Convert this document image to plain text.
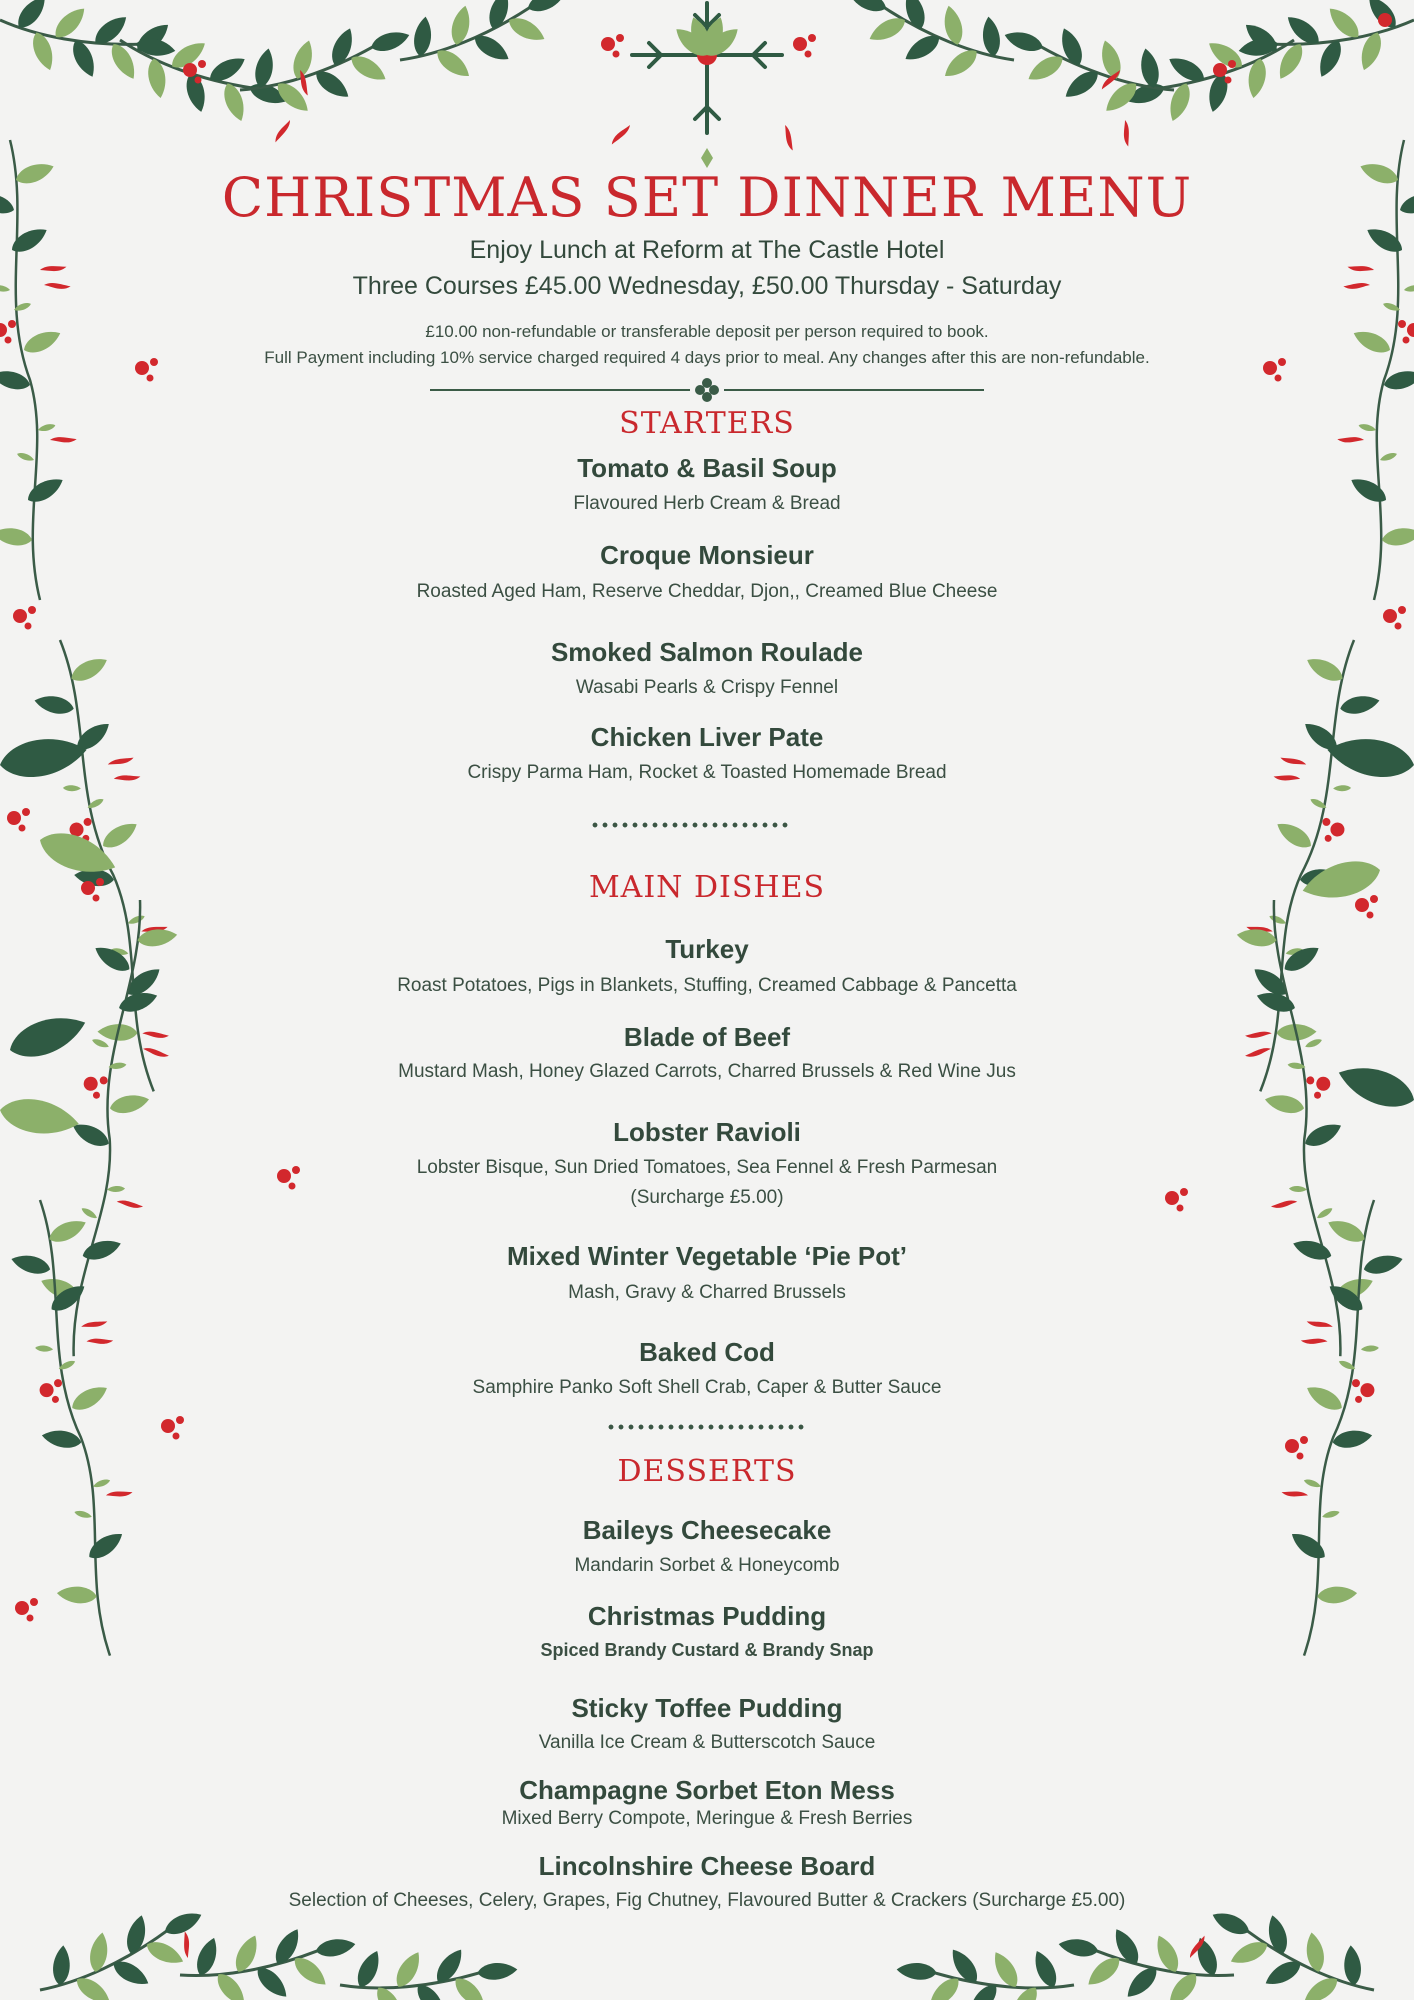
CHRISTMAS SET DINNER MENU

Enjoy Lunch at Reform at The Castle Hotel

Three Courses £45.00 Wednesday, £50.00 Thursday - Saturday

£10.00 non-refundable or transferable deposit per person required to book.

Full Payment including 10% service charged required 4 days prior to meal. Any changes after this are non-refundable.

STARTERS

Tomato & Basil Soup

Flavoured Herb Cream & Bread

Croque Monsieur

Roasted Aged Ham, Reserve Cheddar, Djon,, Creamed Blue Cheese

Smoked Salmon Roulade

Wasabi Pearls & Crispy Fennel

Chicken Liver Pate

Crispy Parma Ham, Rocket & Toasted Homemade Bread

MAIN DISHES

Turkey

Roast Potatoes, Pigs in Blankets, Stuffing, Creamed Cabbage & Pancetta

Blade of Beef

Mustard Mash, Honey Glazed Carrots, Charred Brussels & Red Wine Jus

Lobster Ravioli

Lobster Bisque, Sun Dried Tomatoes, Sea Fennel & Fresh Parmesan

(Surcharge £5.00)

Mixed Winter Vegetable ‘Pie Pot’

Mash, Gravy & Charred Brussels

Baked Cod

Samphire Panko Soft Shell Crab, Caper & Butter Sauce

DESSERTS

Baileys Cheesecake

Mandarin Sorbet & Honeycomb

Christmas Pudding

Spiced Brandy Custard & Brandy Snap

Sticky Toffee Pudding

Vanilla Ice Cream & Butterscotch Sauce

Champagne Sorbet Eton Mess

Mixed Berry Compote, Meringue & Fresh Berries

Lincolnshire Cheese Board

Selection of Cheeses, Celery, Grapes, Fig Chutney, Flavoured Butter & Crackers (Surcharge £5.00)
